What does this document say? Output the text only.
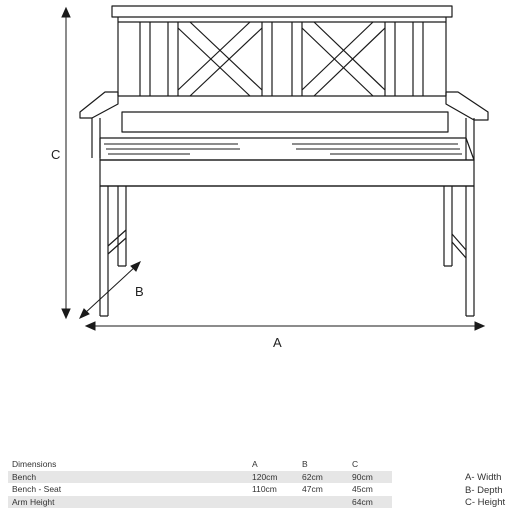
C
A
B
Dimensions	A	B	C
Bench	120cm	62cm	90cm
Bench - Seat	110cm	47cm	45cm
Arm Height			64cm
A- Width
B- Depth
C- Height
